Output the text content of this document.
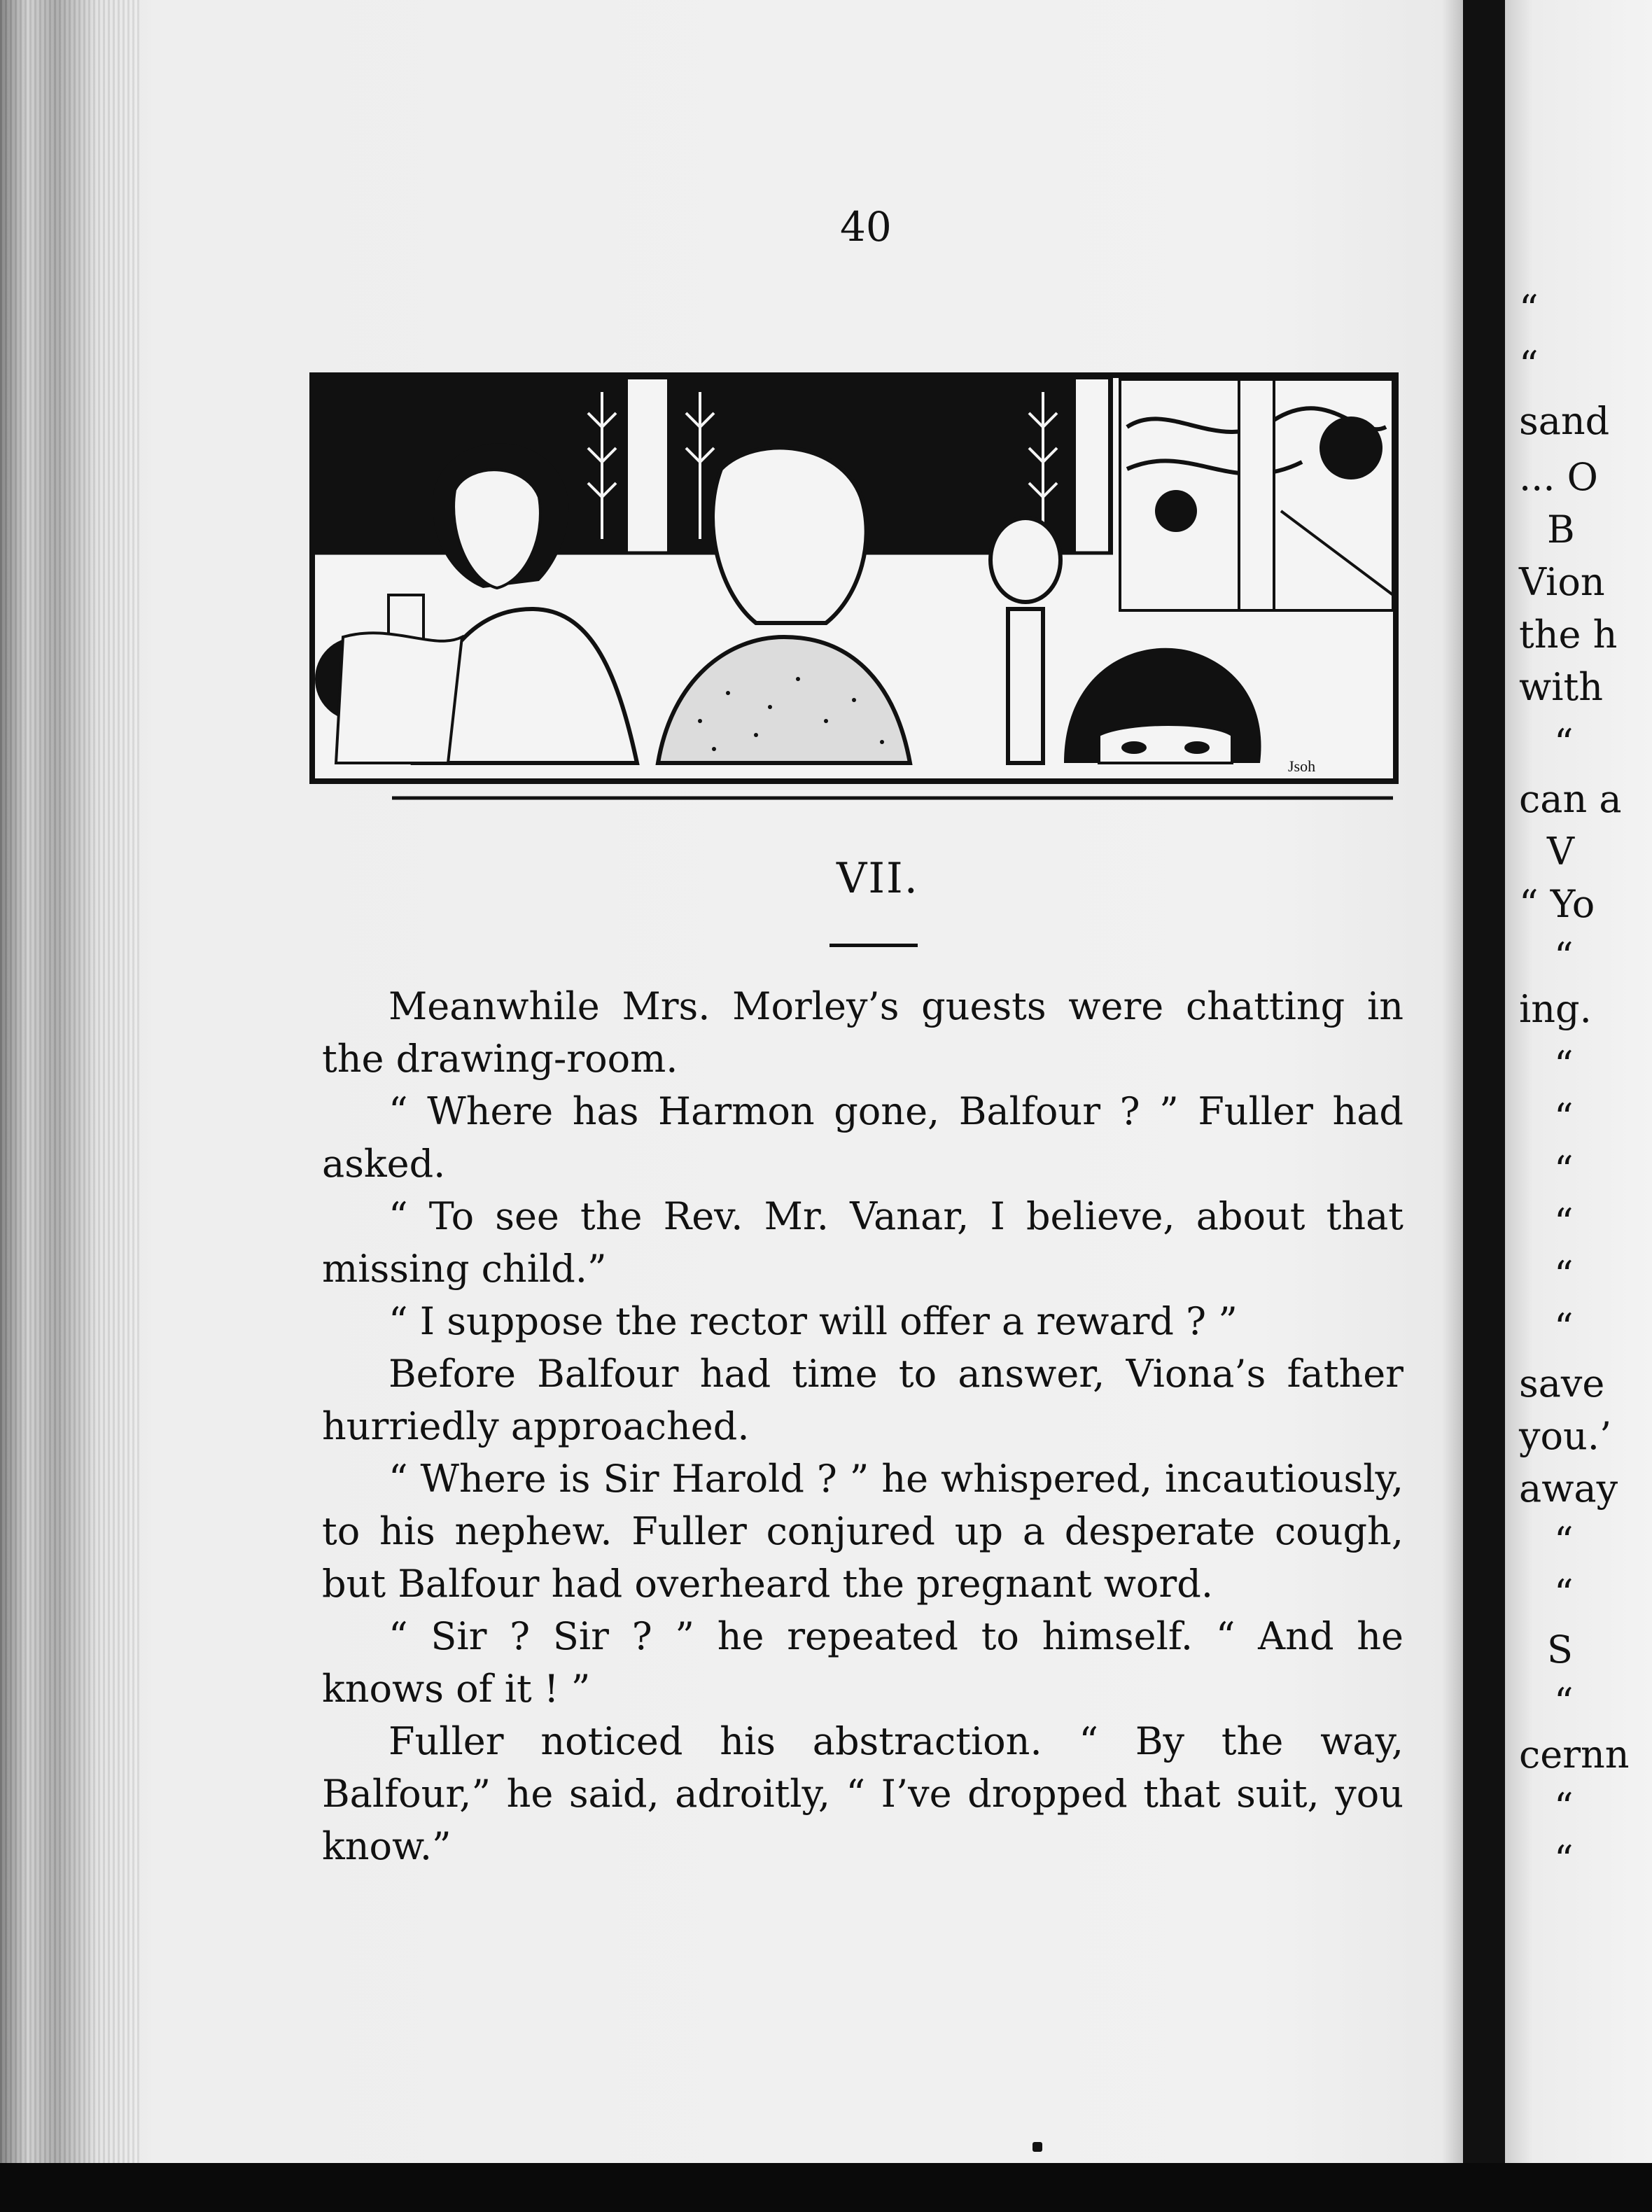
40
Jsoh
VII.

Meanwhile Mrs. Morley’s guests were chatting in the drawing-room.

“ Where has Harmon gone, Balfour ? ” Fuller had asked.

“ To see the Rev. Mr. Vanar, I believe, about that missing child.”

“ I suppose the rector will offer a reward ? ”

Before Balfour had time to answer, Viona’s father hurriedly approached.

“ Where is Sir Harold ? ” he whispered, incautiously, to his nephew. Fuller conjured up a desperate cough, but Balfour had overheard the pregnant word.

“ Sir ? Sir ? ” he repeated to himself. “ And he knows of it ! ”

Fuller noticed his abstraction. “ By the way, Balfour,” he said, adroitly, “ I’ve dropped that suit, you know.”

“
“
sand
... O
B
Vion
the h
with
“
can a
V
“ Yo
“
ing.
“
“
“
“
“
“
save
you.’
away
“
“
S
“
cernn
“
“
